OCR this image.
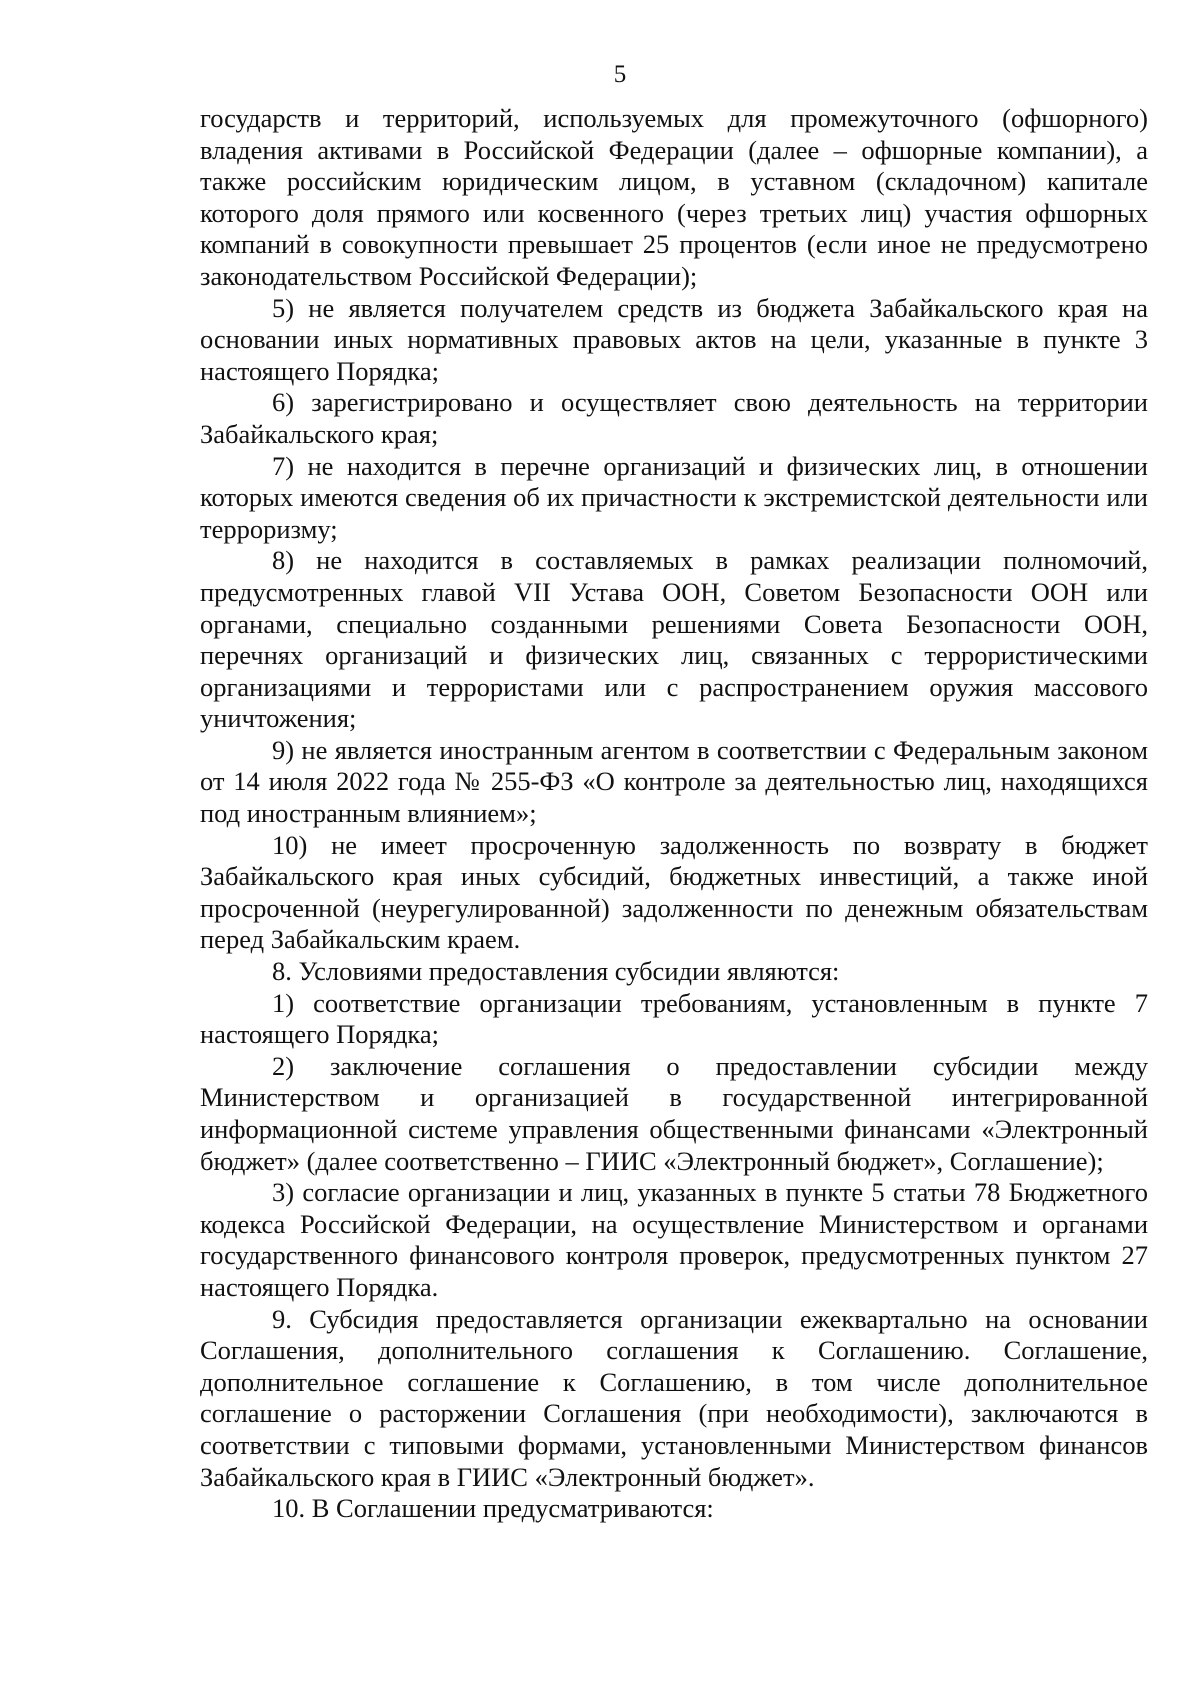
5

государств и территорий, используемых для промежуточного (офшорного) владения активами в Российской Федерации (далее – офшорные компании), а также российским юридическим лицом, в уставном (складочном) капитале которого доля прямого или косвенного (через третьих лиц) участия офшорных компаний в совокупности превышает 25 процентов (если иное не предусмотрено законодательством Российской Федерации);

5) не является получателем средств из бюджета Забайкальского края на основании иных нормативных правовых актов на цели, указанные в пункте 3 настоящего Порядка;

6) зарегистрировано и осуществляет свою деятельность на территории Забайкальского края;

7) не находится в перечне организаций и физических лиц, в отношении которых имеются сведения об их причастности к экстремистской деятельности или терроризму;

8) не находится в составляемых в рамках реализации полномочий, предусмотренных главой VII Устава ООН, Советом Безопасности ООН или органами, специально созданными решениями Совета Безопасности ООН, перечнях организаций и физических лиц, связанных с террористическими организациями и террористами или с распространением оружия массового уничтожения;

9) не является иностранным агентом в соответствии с Федеральным законом от 14 июля 2022 года № 255-ФЗ «О контроле за деятельностью лиц, находящихся под иностранным влиянием»;

10) не имеет просроченную задолженность по возврату в бюджет Забайкальского края иных субсидий, бюджетных инвестиций, а также иной просроченной (неурегулированной) задолженности по денежным обязательствам перед Забайкальским краем.

8. Условиями предоставления субсидии являются:

1) соответствие организации требованиям, установленным в пункте 7 настоящего Порядка;

2) заключение соглашения о предоставлении субсидии между Министерством и организацией в государственной интегрированной информационной системе управления общественными финансами «Электронный бюджет» (далее соответственно – ГИИС «Электронный бюджет», Соглашение);

3) согласие организации и лиц, указанных в пункте 5 статьи 78 Бюджетного кодекса Российской Федерации, на осуществление Министерством и органами государственного финансового контроля проверок, предусмотренных пунктом 27 настоящего Порядка.

9. Субсидия предоставляется организации ежеквартально на основании Соглашения, дополнительного соглашения к Соглашению. Соглашение, дополнительное соглашение к Соглашению, в том числе дополнительное соглашение о расторжении Соглашения (при необходимости), заключаются в соответствии с типовыми формами, установленными Министерством финансов Забайкальского края в ГИИС «Электронный бюджет».

10. В Соглашении предусматриваются:
